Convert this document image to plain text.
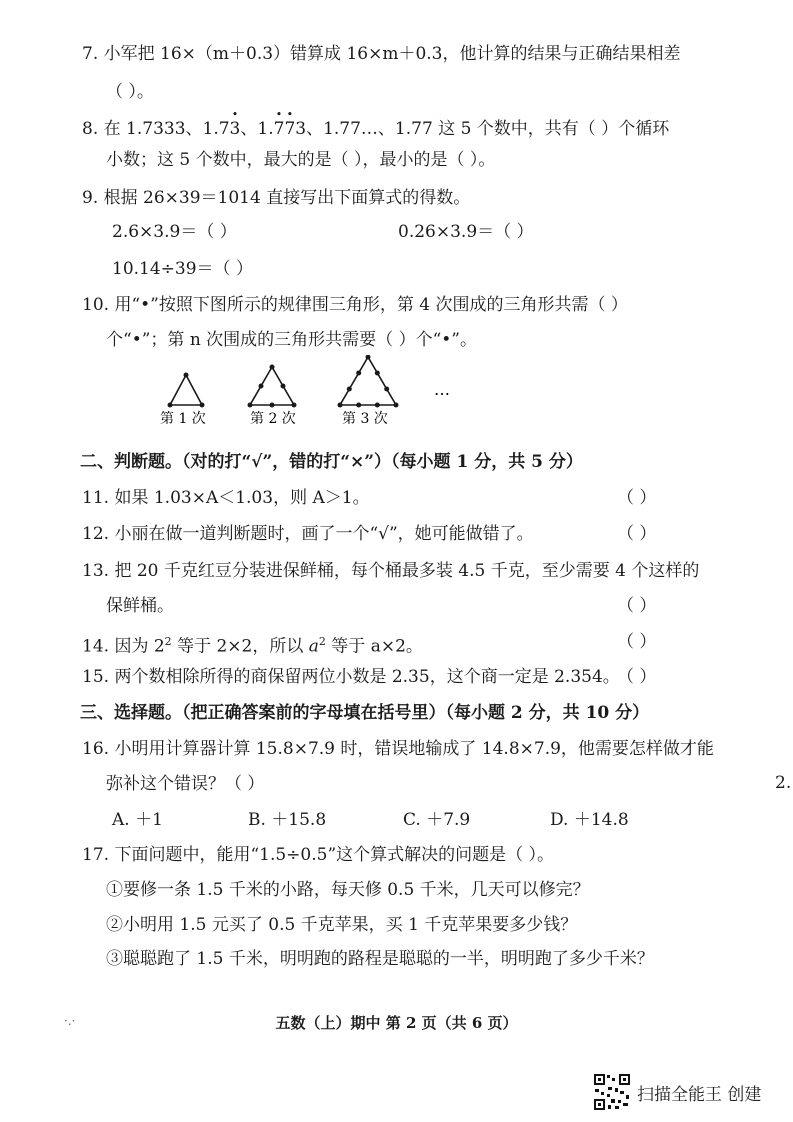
7. 小军把 16×（m＋0.3）错算成 16×m＋0.3，他计算的结果与正确结果相差
（ ）。
8. 在 1.7333、1.7
•
3、1.
•
7
•
73、1.77…、1.77 这 5 个数中，共有（ ）个循环
小数；这 5 个数中，最大的是（ ），最小的是（ ）。
9. 根据 26×39＝1014 直接写出下面算式的得数。
2.6×3.9＝（ ）	0.26×3.9＝（ ）
10.14÷39＝（ ）
10. 用“•”按照下图所示的规律围三角形，第 4 次围成的三角形共需（ ）
个“•”；第 n 次围成的三角形共需要（ ）个“•”。
第 1 次	第 2 次	第 3 次
…
二、判断题。（对的打“√”，错的打“×”）（每小题 1 分，共 5 分）
11. 如果 1.03×A＜1.03，则 A＞1。	（ ）
12. 小丽在做一道判断题时，画了一个“√”，她可能做错了。	（ ）
13. 把 20 千克红豆分装进保鲜桶，每个桶最多装 4.5 千克，至少需要 4 个这样的
保鲜桶。	（ ）
14. 因为 $2^2$ 等于 2×2，所以 $a^2$ 等于 a×2。	（ ）
15. 两个数相除所得的商保留两位小数是 2.35，这个商一定是 2.354。
（ ）
三、选择题。（把正确答案前的字母填在括号里）（每小题 2 分，共 10 分）
16. 小明用计算器计算 15.8×7.9 时，错误地输成了 14.8×7.9，他需要怎样做才能
弥补这个错误？（ ）
A. ＋1	B. ＋15.8	C. ＋7.9	D. ＋14.8
17. 下面问题中，能用“1.5÷0.5”这个算式解决的问题是（ ）。
①要修一条 1.5 千米的小路，每天修 0.5 千米，几天可以修完？
②小明用 1.5 元买了 0.5 千克苹果，买 1 千克苹果要多少钱？
③聪聪跑了 1.5 千米，明明跑的路程是聪聪的一半，明明跑了多少千米？
2.
·.·	五数（上）期中 第 2 页（共 6 页）
扫描全能王 创建
